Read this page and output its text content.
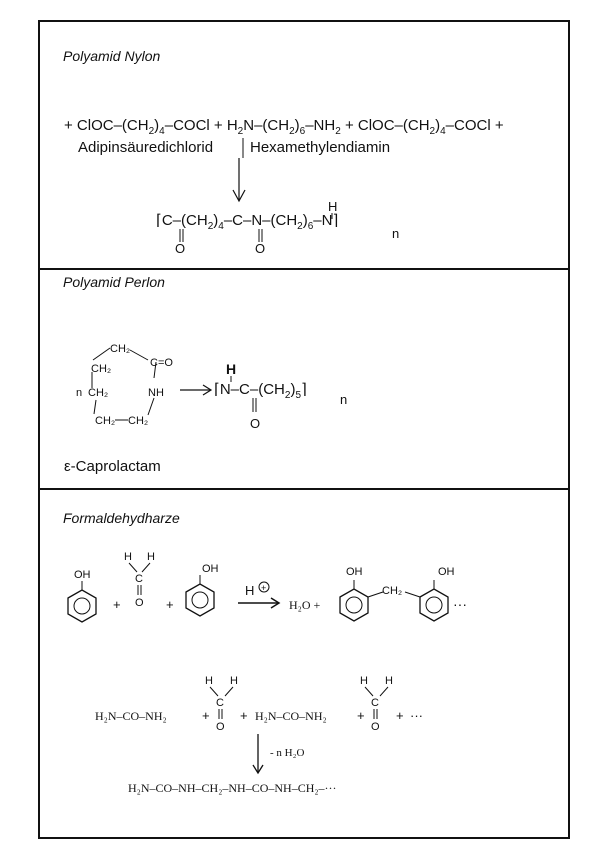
Polyamid Nylon
Polyamid Perlon
Formaldehydharze
+ ClOC–$(CH_2)_4$–COCl + $H_2N-(CH_2)_6-NH_2$ + ClOC–$(CH_2)_4$–COCl +
Adipinsäuredichlorid Hexamethylendiamin
$⌈C-(CH_2)_4-C-N-(CH_2)_6-N⌉$
n
H
O	O
CH₂
CH₂
CH₂
CH₂ CH₂
C=O
NH
n	$⌈N-C-(CH_2)_5⌉$
n
H
O
ε-Caprolactam
OH
+
H H
C
O +
OH
H +
H₂O +
OH
CH₂
OH
···
H₂N–CO–NH₂	+
H H
C
O
+ H₂N–CO–NH₂ +
H H
C
O
+ ···
- n H₂O
H₂N–CO–NH–CH₂–NH–CO–NH–CH₂–···
